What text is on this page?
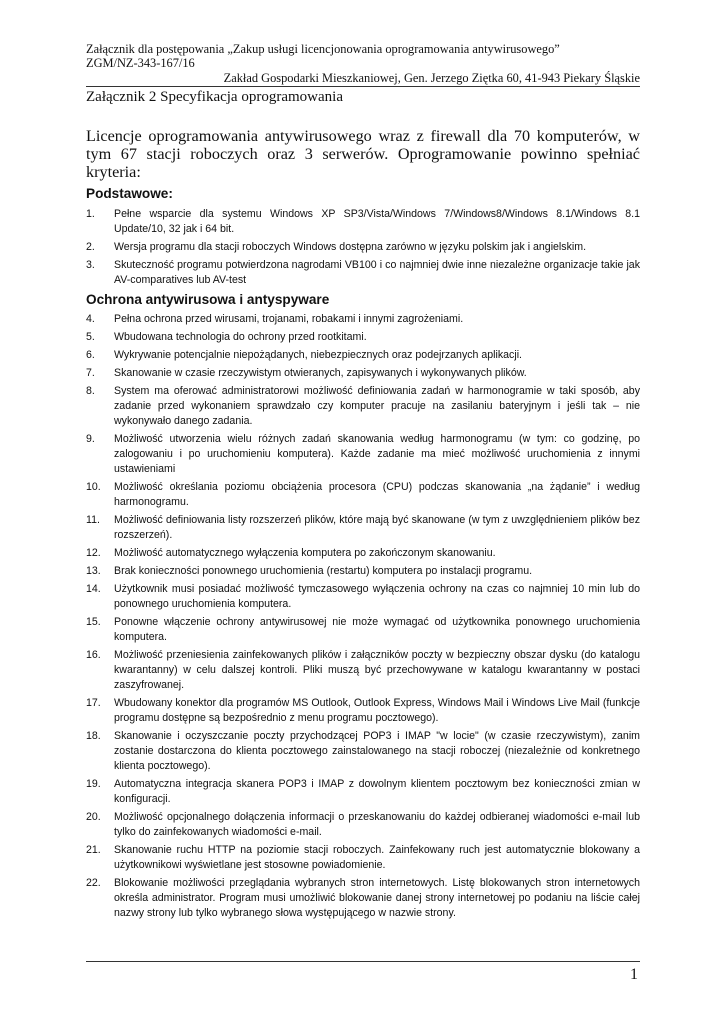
Załącznik dla postępowania „Zakup usługi licencjonowania oprogramowania antywirusowego”
ZGM/NZ-343-167/16
Zakład Gospodarki Mieszkaniowej, Gen. Jerzego Ziętka 60, 41-943 Piekary Śląskie
Załącznik 2 Specyfikacja oprogramowania
Licencje oprogramowania antywirusowego wraz z firewall dla 70 komputerów, w tym 67 stacji roboczych oraz 3 serwerów. Oprogramowanie powinno spełniać kryteria:
Podstawowe:
1. Pełne wsparcie dla systemu Windows XP SP3/Vista/Windows 7/Windows8/Windows 8.1/Windows 8.1 Update/10, 32 jak i 64 bit.
2. Wersja programu dla stacji roboczych Windows dostępna zarówno w języku polskim jak i angielskim.
3. Skuteczność programu potwierdzona nagrodami VB100 i co najmniej dwie inne niezależne organizacje takie jak AV-comparatives lub AV-test
Ochrona antywirusowa i antyspyware
4. Pełna ochrona przed wirusami, trojanami, robakami i innymi zagrożeniami.
5. Wbudowana technologia do ochrony przed rootkitami.
6. Wykrywanie potencjalnie niepożądanych, niebezpiecznych oraz podejrzanych aplikacji.
7. Skanowanie w czasie rzeczywistym otwieranych, zapisywanych i wykonywanych plików.
8. System ma oferować administratorowi możliwość definiowania zadań w harmonogramie w taki sposób, aby zadanie przed wykonaniem sprawdzało czy komputer pracuje na zasilaniu bateryjnym i jeśli tak – nie wykonywało danego zadania.
9. Możliwość utworzenia wielu różnych zadań skanowania według harmonogramu (w tym: co godzinę, po zalogowaniu i po uruchomieniu komputera). Każde zadanie ma mieć możliwość uruchomienia z innymi ustawieniami
10. Możliwość określania poziomu obciążenia procesora (CPU) podczas skanowania „na żądanie” i według harmonogramu.
11. Możliwość definiowania listy rozszerzeń plików, które mają być skanowane (w tym z uwzględnieniem plików bez rozszerzeń).
12. Możliwość automatycznego wyłączenia komputera po zakończonym skanowaniu.
13. Brak konieczności ponownego uruchomienia (restartu) komputera po instalacji programu.
14. Użytkownik musi posiadać możliwość tymczasowego wyłączenia ochrony na czas co najmniej 10 min lub do ponownego uruchomienia komputera.
15. Ponowne włączenie ochrony antywirusowej nie może wymagać od użytkownika ponownego uruchomienia komputera.
16. Możliwość przeniesienia zainfekowanych plików i załączników poczty w bezpieczny obszar dysku (do katalogu kwarantanny) w celu dalszej kontroli. Pliki muszą być przechowywane w katalogu kwarantanny w postaci zaszyfrowanej.
17. Wbudowany konektor dla programów MS Outlook, Outlook Express, Windows Mail i Windows Live Mail (funkcje programu dostępne są bezpośrednio z menu programu pocztowego).
18. Skanowanie i oczyszczanie poczty przychodzącej POP3 i IMAP "w locie" (w czasie rzeczywistym), zanim zostanie dostarczona do klienta pocztowego zainstalowanego na stacji roboczej (niezależnie od konkretnego klienta pocztowego).
19. Automatyczna integracja skanera POP3 i IMAP z dowolnym klientem pocztowym bez konieczności zmian w konfiguracji.
20. Możliwość opcjonalnego dołączenia informacji o przeskanowaniu do każdej odbieranej wiadomości e-mail lub tylko do zainfekowanych wiadomości e-mail.
21. Skanowanie ruchu HTTP na poziomie stacji roboczych. Zainfekowany ruch jest automatycznie blokowany a użytkownikowi wyświetlane jest stosowne powiadomienie.
22. Blokowanie możliwości przeglądania wybranych stron internetowych. Listę blokowanych stron internetowych określa administrator. Program musi umożliwić blokowanie danej strony internetowej po podaniu na liście całej nazwy strony lub tylko wybranego słowa występującego w nazwie strony.
1
